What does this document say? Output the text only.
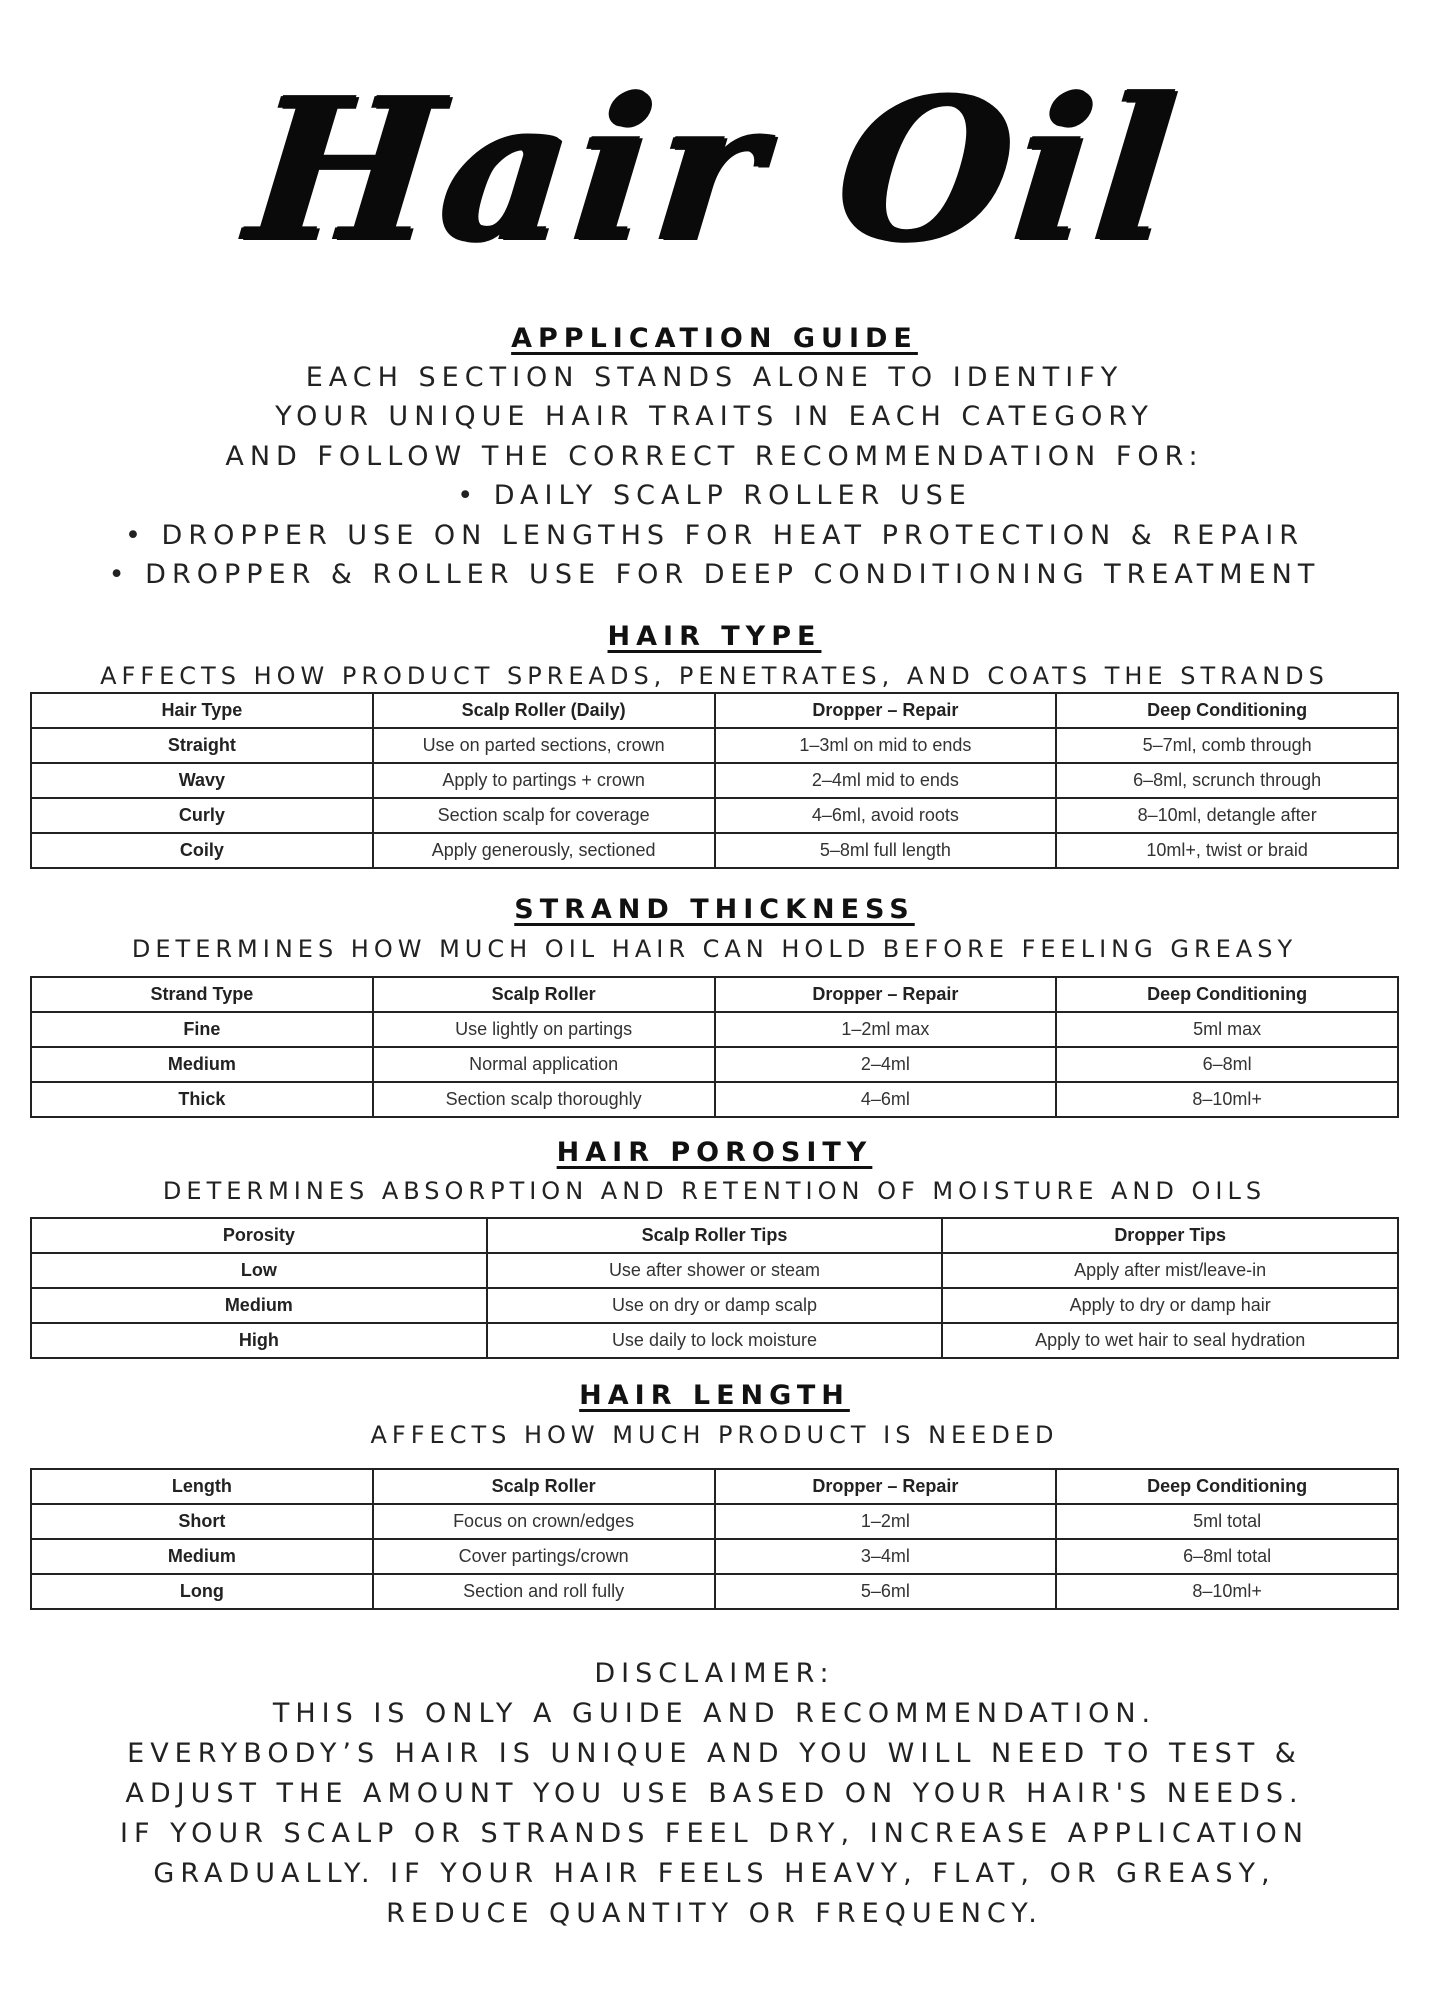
Hair Oil
APPLICATION GUIDE
EACH SECTION STANDS ALONE TO IDENTIFY
YOUR UNIQUE HAIR TRAITS IN EACH CATEGORY
AND FOLLOW THE CORRECT RECOMMENDATION FOR:
• DAILY SCALP ROLLER USE
• DROPPER USE ON LENGTHS FOR HEAT PROTECTION & REPAIR
• DROPPER & ROLLER USE FOR DEEP CONDITIONING TREATMENT
HAIR TYPE
AFFECTS HOW PRODUCT SPREADS, PENETRATES, AND COATS THE STRANDS
Hair Type	Scalp Roller (Daily)	Dropper – Repair	Deep Conditioning
Straight	Use on parted sections, crown	1–3ml on mid to ends	5–7ml, comb through
Wavy	Apply to partings + crown	2–4ml mid to ends	6–8ml, scrunch through
Curly	Section scalp for coverage	4–6ml, avoid roots	8–10ml, detangle after
Coily	Apply generously, sectioned	5–8ml full length	10ml+, twist or braid
STRAND THICKNESS
DETERMINES HOW MUCH OIL HAIR CAN HOLD BEFORE FEELING GREASY
Strand Type	Scalp Roller	Dropper – Repair	Deep Conditioning
Fine	Use lightly on partings	1–2ml max	5ml max
Medium	Normal application	2–4ml	6–8ml
Thick	Section scalp thoroughly	4–6ml	8–10ml+
HAIR POROSITY
DETERMINES ABSORPTION AND RETENTION OF MOISTURE AND OILS
Porosity	Scalp Roller Tips	Dropper Tips
Low	Use after shower or steam	Apply after mist/leave-in
Medium	Use on dry or damp scalp	Apply to dry or damp hair
High	Use daily to lock moisture	Apply to wet hair to seal hydration
HAIR LENGTH
AFFECTS HOW MUCH PRODUCT IS NEEDED
Length	Scalp Roller	Dropper – Repair	Deep Conditioning
Short	Focus on crown/edges	1–2ml	5ml total
Medium	Cover partings/crown	3–4ml	6–8ml total
Long	Section and roll fully	5–6ml	8–10ml+
DISCLAIMER:
THIS IS ONLY A GUIDE AND RECOMMENDATION.
EVERYBODY’S HAIR IS UNIQUE AND YOU WILL NEED TO TEST &
ADJUST THE AMOUNT YOU USE BASED ON YOUR HAIR'S NEEDS.
IF YOUR SCALP OR STRANDS FEEL DRY, INCREASE APPLICATION
GRADUALLY. IF YOUR HAIR FEELS HEAVY, FLAT, OR GREASY,
REDUCE QUANTITY OR FREQUENCY.
